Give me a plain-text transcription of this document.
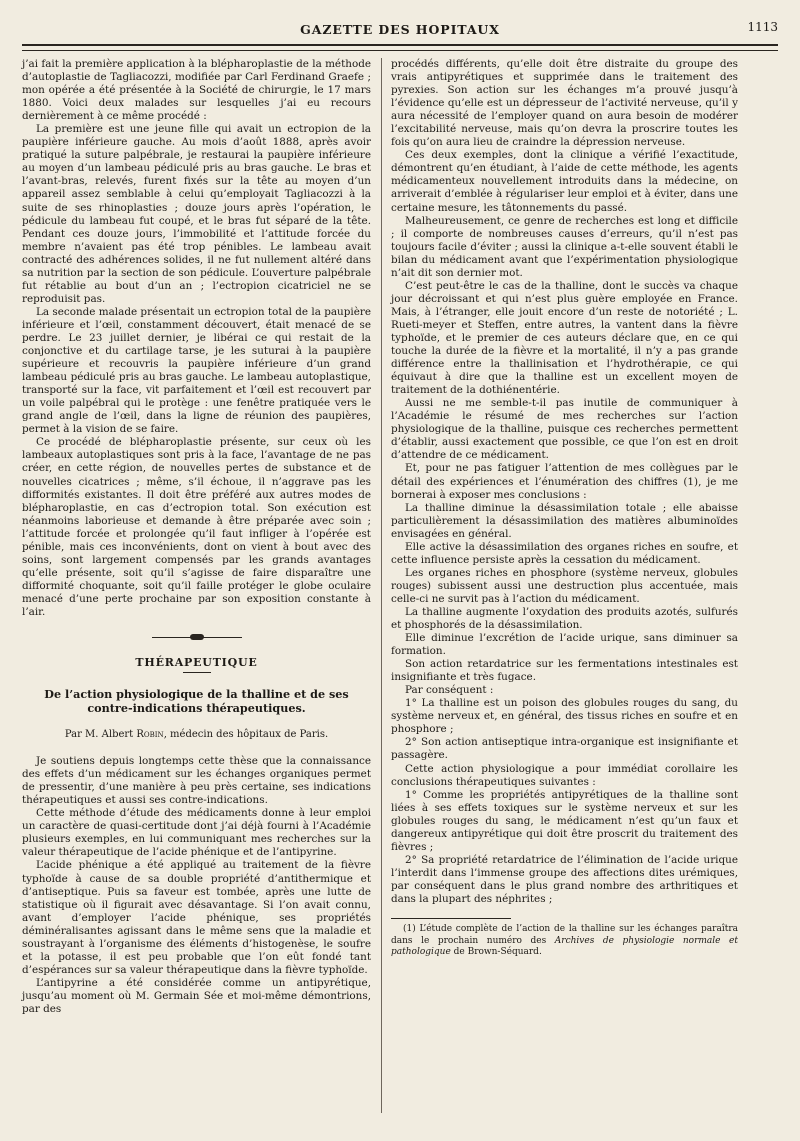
GAZETTE DES HOPITAUX	1113

j’ai fait la première application à la blépharoplastie de la méthode d’autoplastie de Tagliacozzi, modifiée par Carl Ferdinand Graefe ; mon opérée a été présentée à la Société de chirurgie, le 17 mars 1880. Voici deux malades sur lesquelles j’ai eu recours dernièrement à ce même procédé :

La première est une jeune fille qui avait un ectropion de la paupière inférieure gauche. Au mois d’août 1888, après avoir pratiqué la suture palpébrale, je restaurai la paupière inférieure au moyen d’un lambeau pédiculé pris au bras gauche. Le bras et l’avant-bras, relevés, furent fixés sur la tête au moyen d’un appareil assez semblable à celui qu’employait Tagliacozzi à la suite de ses rhinoplasties ; douze jours après l’opération, le pédicule du lambeau fut coupé, et le bras fut séparé de la tête. Pendant ces douze jours, l’immobilité et l’attitude forcée du membre n’avaient pas été trop pénibles. Le lambeau avait contracté des adhérences solides, il ne fut nullement altéré dans sa nutrition par la section de son pédicule. L’ouverture palpébrale fut rétablie au bout d’un an ; l’ectropion cicatriciel ne se reproduisit pas.

La seconde malade présentait un ectropion total de la paupière inférieure et l’œil, constamment découvert, était menacé de se perdre. Le 23 juillet dernier, je libérai ce qui restait de la conjonctive et du cartilage tarse, je les suturai à la paupière supérieure et recouvris la paupière inférieure d’un grand lambeau pédiculé pris au bras gauche. Le lambeau autoplastique, transporté sur la face, vit parfaitement et l’œil est recouvert par un voile palpébral qui le protège : une fenêtre pratiquée vers le grand angle de l’œil, dans la ligne de réunion des paupières, permet à la vision de se faire.

Ce procédé de blépharoplastie présente, sur ceux où les lambeaux autoplastiques sont pris à la face, l’avantage de ne pas créer, en cette région, de nouvelles pertes de substance et de nouvelles cicatrices ; même, s’il échoue, il n’aggrave pas les difformités existantes. Il doit être préféré aux autres modes de blépharoplastie, en cas d’ectropion total. Son exécution est néanmoins laborieuse et demande à être préparée avec soin ; l’attitude forcée et prolongée qu’il faut infliger à l’opérée est pénible, mais ces inconvénients, dont on vient à bout avec des soins, sont largement compensés par les grands avantages qu’elle présente, soit qu’il s’agisse de faire disparaître une difformité choquante, soit qu’il faille protéger le globe oculaire menacé d’une perte prochaine par son exposition constante à l’air.

THÉRAPEUTIQUE
De l’action physiologique de la thalline et de ses contre-indications thérapeutiques.
Par M. Albert Robin, médecin des hôpitaux de Paris.

Je soutiens depuis longtemps cette thèse que la connaissance des effets d’un médicament sur les échanges organiques permet de pressentir, d’une manière à peu près certaine, ses indications thérapeutiques et aussi ses contre-indications.

Cette méthode d’étude des médicaments donne à leur emploi un caractère de quasi-certitude dont j’ai déjà fourni à l’Académie plusieurs exemples, en lui communiquant mes recherches sur la valeur thérapeutique de l’acide phénique et de l’antipyrine.

L’acide phénique a été appliqué au traitement de la fièvre typhoïde à cause de sa double propriété d’antithermique et d’antiseptique. Puis sa faveur est tombée, après une lutte de statistique où il figurait avec désavantage. Si l’on avait connu, avant d’employer l’acide phénique, ses propriétés déminéralisantes agissant dans le même sens que la maladie et soustrayant à l’organisme des éléments d’histogenèse, le soufre et la potasse, il est peu probable que l’on eût fondé tant d’espérances sur sa valeur thérapeutique dans la fièvre typhoïde.

L’antipyrine a été considérée comme un antipyrétique, jusqu’au moment où M. Germain Sée et moi-même démontrions, par des

procédés différents, qu’elle doit être distraite du groupe des vrais antipyrétiques et supprimée dans le traitement des pyrexies. Son action sur les échanges m’a prouvé jusqu’à l’évidence qu’elle est un dépresseur de l’activité nerveuse, qu’il y aura nécessité de l’employer quand on aura besoin de modérer l’excitabilité nerveuse, mais qu’on devra la proscrire toutes les fois qu’on aura lieu de craindre la dépression nerveuse.

Ces deux exemples, dont la clinique a vérifié l’exactitude, démontrent qu’en étudiant, à l’aide de cette méthode, les agents médicamenteux nouvellement introduits dans la médecine, on arriverait d’emblée à régulariser leur emploi et à éviter, dans une certaine mesure, les tâtonnements du passé.

Malheureusement, ce genre de recherches est long et difficile ; il comporte de nombreuses causes d’erreurs, qu’il n’est pas toujours facile d’éviter ; aussi la clinique a-t-elle souvent établi le bilan du médicament avant que l’expérimentation physiologique n’ait dit son dernier mot.

C’est peut-être le cas de la thalline, dont le succès va chaque jour décroissant et qui n’est plus guère employée en France. Mais, à l’étranger, elle jouit encore d’un reste de notoriété ; L. Rueti-meyer et Steffen, entre autres, la vantent dans la fièvre typhoïde, et le premier de ces auteurs déclare que, en ce qui touche la durée de la fièvre et la mortalité, il n’y a pas grande différence entre la thallinisation et l’hydrothérapie, ce qui équivaut à dire que la thalline est un excellent moyen de traitement de la dothiénentérie.

Aussi ne me semble-t-il pas inutile de communiquer à l’Académie le résumé de mes recherches sur l’action physiologique de la thalline, puisque ces recherches permettent d’établir, aussi exactement que possible, ce que l’on est en droit d’attendre de ce médicament.

Et, pour ne pas fatiguer l’attention de mes collègues par le détail des expériences et l’énumération des chiffres (1), je me bornerai à exposer mes conclusions :

La thalline diminue la désassimilation totale ; elle abaisse particulièrement la désassimilation des matières albuminoïdes envisagées en général.

Elle active la désassimilation des organes riches en soufre, et cette influence persiste après la cessation du médicament.

Les organes riches en phosphore (système nerveux, globules rouges) subissent aussi une destruction plus accentuée, mais celle-ci ne survit pas à l’action du médicament.

La thalline augmente l’oxydation des produits azotés, sulfurés et phosphorés de la désassimilation.

Elle diminue l’excrétion de l’acide urique, sans diminuer sa formation.

Son action retardatrice sur les fermentations intestinales est insignifiante et très fugace.

Par conséquent :

1° La thalline est un poison des globules rouges du sang, du système nerveux et, en général, des tissus riches en soufre et en phosphore ;

2° Son action antiseptique intra-organique est insignifiante et passagère.

Cette action physiologique a pour immédiat corollaire les conclusions thérapeutiques suivantes :

1° Comme les propriétés antipyrétiques de la thalline sont liées à ses effets toxiques sur le système nerveux et sur les globules rouges du sang, le médicament n’est qu’un faux et dangereux antipyrétique qui doit être proscrit du traitement des fièvres ;

2° Sa propriété retardatrice de l’élimination de l’acide urique l’interdit dans l’immense groupe des affections dites urémiques, par conséquent dans le plus grand nombre des arthritiques et dans la plupart des néphrites ;

(1) L’étude complète de l’action de la thalline sur les échanges paraîtra dans le prochain numéro des Archives de physiologie normale et pathologique de Brown-Séquard.
